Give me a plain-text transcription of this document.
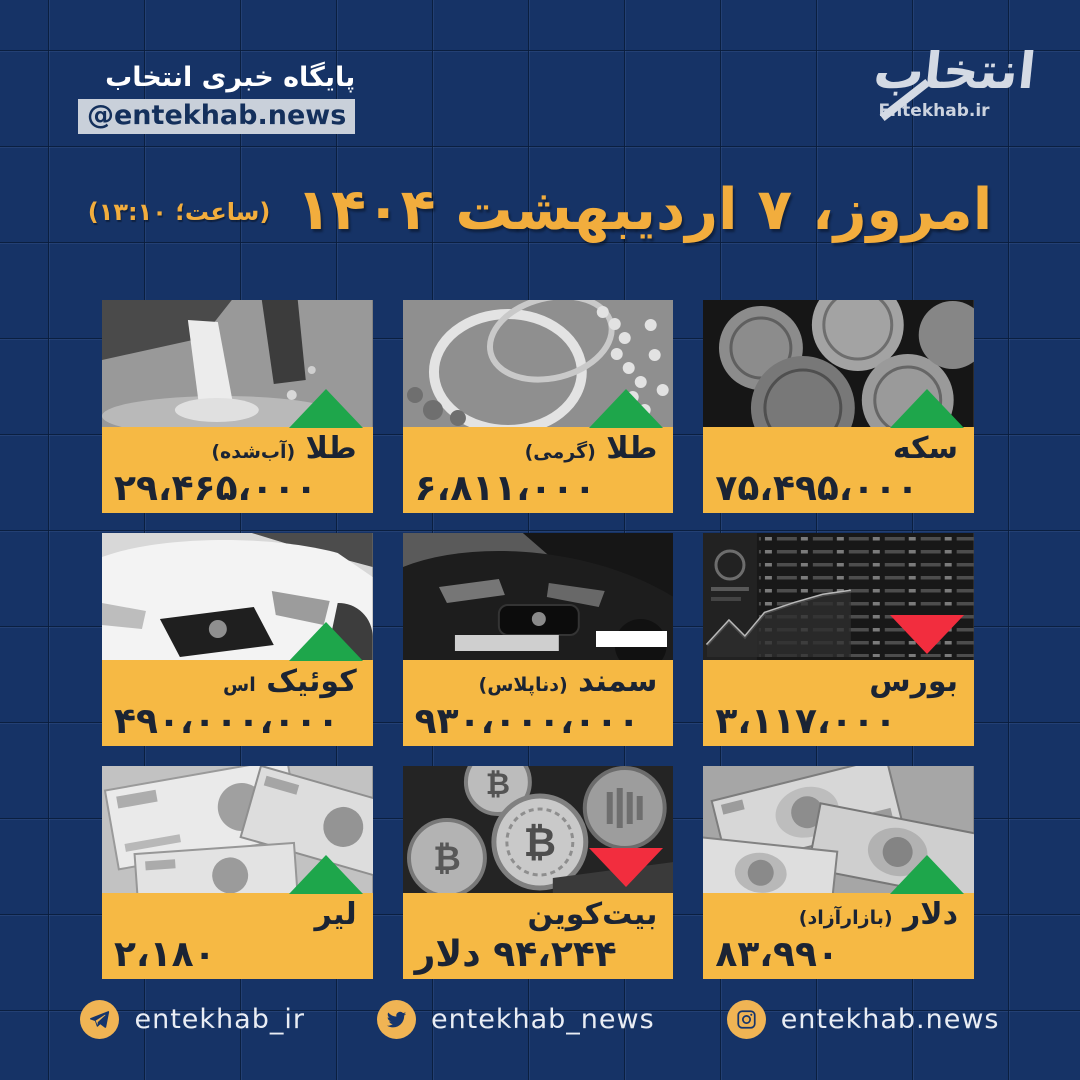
پایگاه خبری انتخاب
@entekhab.news
انتخاب
Entekhab.ir
امروز، ۷ اردیبهشت ۱۴۰۴
(ساعت؛ ۱۳:۱۰)
سکه
۷۵،۴۹۵،۰۰۰
طلا (گرمی)
۶،۸۱۱،۰۰۰
طلا (آب‌شده)
۲۹،۴۶۵،۰۰۰
بورس
۳،۱۱۷،۰۰۰
سمند (دناپلاس)
۹۳۰،۰۰۰،۰۰۰
کوئیک اس
۴۹۰،۰۰۰،۰۰۰
دلار (بازارآزاد)
۸۳،۹۹۰
₿
₿ ₿
بیت‌کوین
۹۴،۲۴۴ دلار
لیر
۲،۱۸۰
entekhab_ir	entekhab_news	entekhab.news
